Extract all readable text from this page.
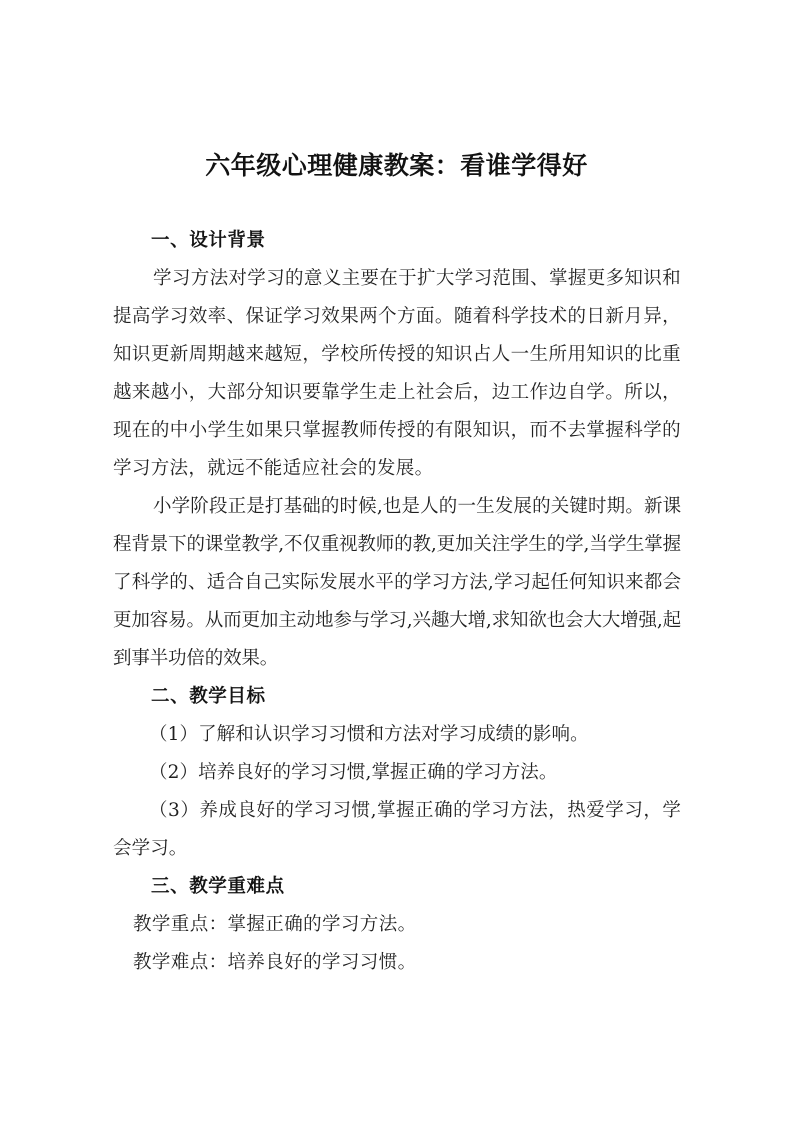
六年级心理健康教案：看谁学得好
一、设计背景
学习方法对学习的意义主要在于扩大学习范围、掌握更多知识和提高学习效率、保证学习效果两个方面。随着科学技术的日新月异，知识更新周期越来越短，学校所传授的知识占人一生所用知识的比重越来越小，大部分知识要靠学生走上社会后，边工作边自学。所以，现在的中小学生如果只掌握教师传授的有限知识，而不去掌握科学的学习方法，就远不能适应社会的发展。
小学阶段正是打基础的时候,也是人的一生发展的关键时期。新课程背景下的课堂教学,不仅重视教师的教,更加关注学生的学,当学生掌握了科学的、适合自己实际发展水平的学习方法,学习起任何知识来都会更加容易。从而更加主动地参与学习,兴趣大增,求知欲也会大大增强,起到事半功倍的效果。
二、教学目标
（1）了解和认识学习习惯和方法对学习成绩的影响。
（2）培养良好的学习习惯,掌握正确的学习方法。
（3）养成良好的学习习惯,掌握正确的学习方法，热爱学习，学会学习。
三、教学重难点
教学重点：掌握正确的学习方法。
教学难点：培养良好的学习习惯。
